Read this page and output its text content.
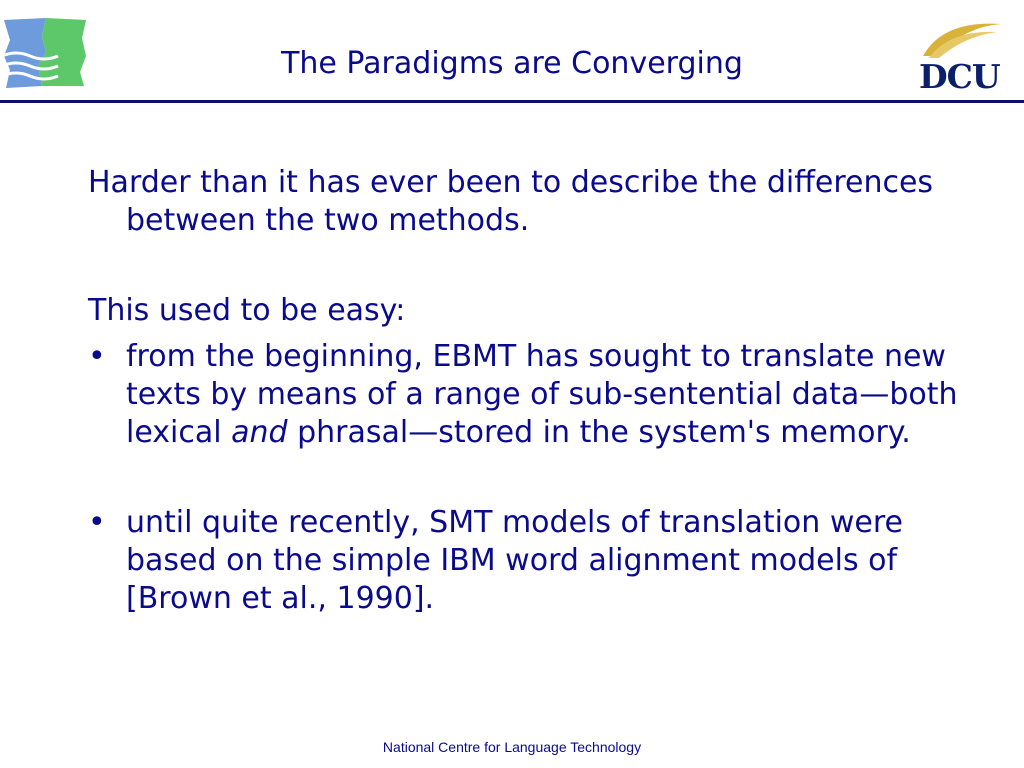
DCU
The Paradigms are Converging

Harder than it has ever been to describe the differences between the two methods.

This used to be easy:

• from the beginning, EBMT has sought to translate new texts by means of a range of sub-sentential data—both lexical and phrasal—stored in the system's memory.

• until quite recently, SMT models of translation were based on the simple IBM word alignment models of [Brown et al., 1990].

National Centre for Language Technology
